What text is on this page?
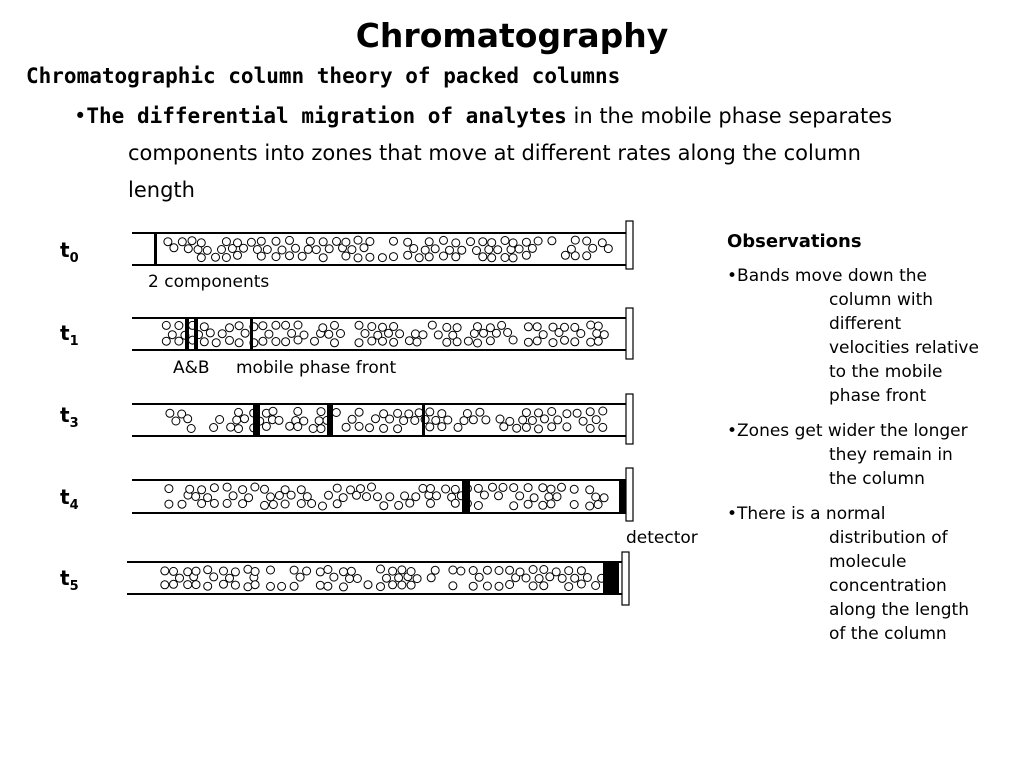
Chromatography
Chromatographic column theory of packed columns
•The differential migration of analytes in the mobile phase separates
components into zones that move at different rates along the column
length
$t_0$
$t_1$
$t_3$
$t_4$
$t_5$
2 components
A&B mobile phase front
detector
Observations
•Bands move down the
column with
different
velocities relative
to the mobile
phase front
•Zones get wider the longer
they remain in
the column
•There is a normal
distribution of
molecule
concentration
along the length
of the column
